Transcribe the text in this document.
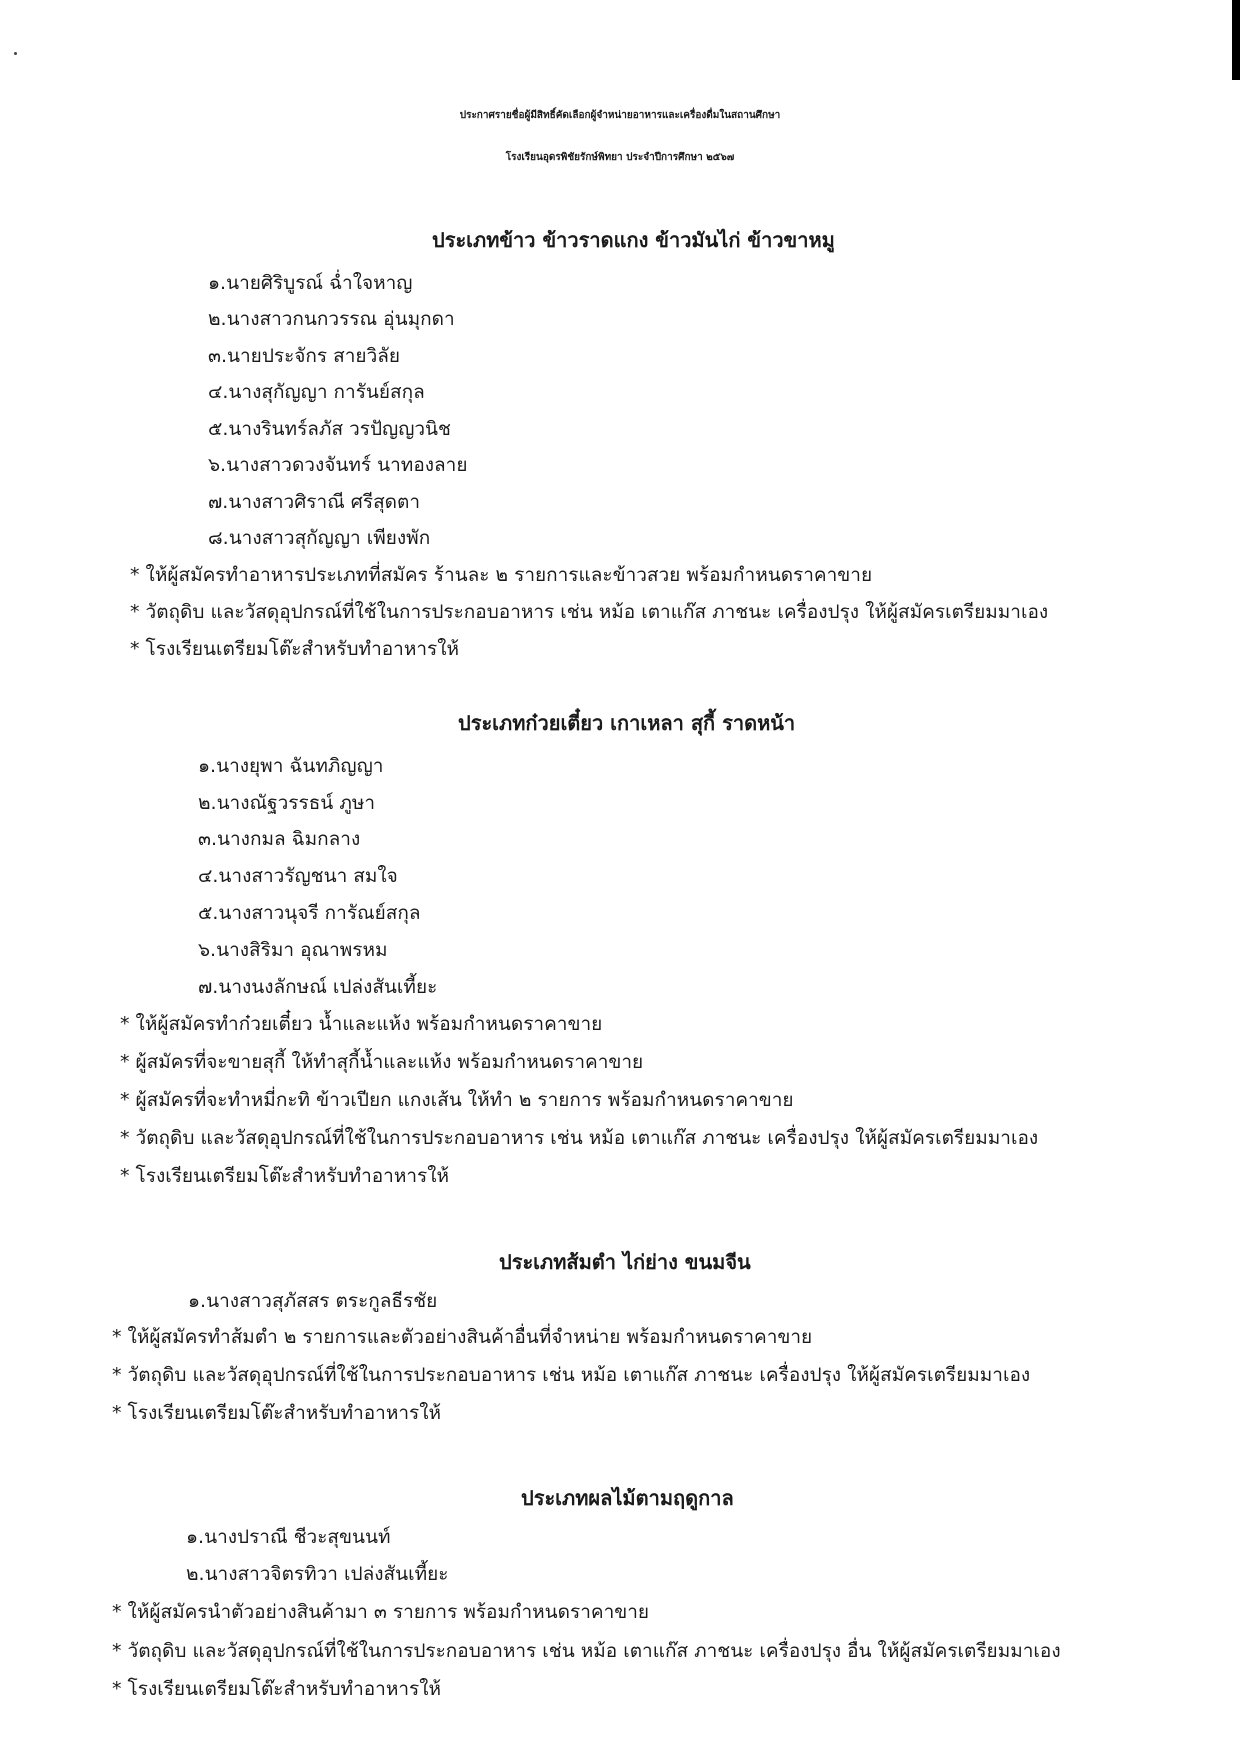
ประกาศรายชื่อผู้มีสิทธิ์คัดเลือกผู้จำหน่ายอาหารและเครื่องดื่มในสถานศึกษา
โรงเรียนอุดรพิชัยรักษ์พิทยา ประจำปีการศึกษา ๒๕๖๗
ประเภทข้าว ข้าวราดแกง ข้าวมันไก่ ข้าวขาหมู
๑.นายศิริบูรณ์ ฉ่ำใจหาญ
๒.นางสาวกนกวรรณ อุ่นมุกดา
๓.นายประจักร สายวิลัย
๔.นางสุกัญญา การันย์สกุล
๕.นางรินทร์ลภัส วรปัญญวนิช
๖.นางสาวดวงจันทร์ นาทองลาย
๗.นางสาวศิราณี ศรีสุดตา
๘.นางสาวสุกัญญา เพียงพัก
* ให้ผู้สมัครทำอาหารประเภทที่สมัคร ร้านละ ๒ รายการและข้าวสวย พร้อมกำหนดราคาขาย
* วัตถุดิบ และวัสดุอุปกรณ์ที่ใช้ในการประกอบอาหาร เช่น หม้อ เตาแก๊ส ภาชนะ เครื่องปรุง ให้ผู้สมัครเตรียมมาเอง
* โรงเรียนเตรียมโต๊ะสำหรับทำอาหารให้
ประเภทก๋วยเตี๋ยว เกาเหลา สุกี้ ราดหน้า
๑.นางยุพา ฉันทภิญญา
๒.นางณัฐวรรธน์ ภูษา
๓.นางกมล ฉิมกลาง
๔.นางสาวรัญชนา สมใจ
๕.นางสาวนุจรี การัณย์สกุล
๖.นางสิริมา อุณาพรหม
๗.นางนงลักษณ์ เปล่งสันเที้ยะ
* ให้ผู้สมัครทำก๋วยเตี๋ยว น้ำและแห้ง พร้อมกำหนดราคาขาย
* ผู้สมัครที่จะขายสุกี้ ให้ทำสุกี้น้ำและแห้ง พร้อมกำหนดราคาขาย
* ผู้สมัครที่จะทำหมี่กะทิ ข้าวเปียก แกงเส้น ให้ทำ ๒ รายการ พร้อมกำหนดราคาขาย
* วัตถุดิบ และวัสดุอุปกรณ์ที่ใช้ในการประกอบอาหาร เช่น หม้อ เตาแก๊ส ภาชนะ เครื่องปรุง ให้ผู้สมัครเตรียมมาเอง
* โรงเรียนเตรียมโต๊ะสำหรับทำอาหารให้
ประเภทส้มตำ ไก่ย่าง ขนมจีน
๑.นางสาวสุภัสสร ตระกูลธีรชัย
* ให้ผู้สมัครทำส้มตำ ๒ รายการและตัวอย่างสินค้าอื่นที่จำหน่าย พร้อมกำหนดราคาขาย
* วัตถุดิบ และวัสดุอุปกรณ์ที่ใช้ในการประกอบอาหาร เช่น หม้อ เตาแก๊ส ภาชนะ เครื่องปรุง ให้ผู้สมัครเตรียมมาเอง
* โรงเรียนเตรียมโต๊ะสำหรับทำอาหารให้
ประเภทผลไม้ตามฤดูกาล
๑.นางปราณี ชีวะสุขนนท์
๒.นางสาวจิตรทิวา เปล่งสันเที้ยะ
* ให้ผู้สมัครนำตัวอย่างสินค้ามา ๓ รายการ พร้อมกำหนดราคาขาย
* วัตถุดิบ และวัสดุอุปกรณ์ที่ใช้ในการประกอบอาหาร เช่น หม้อ เตาแก๊ส ภาชนะ เครื่องปรุง อื่น ให้ผู้สมัครเตรียมมาเอง
* โรงเรียนเตรียมโต๊ะสำหรับทำอาหารให้
